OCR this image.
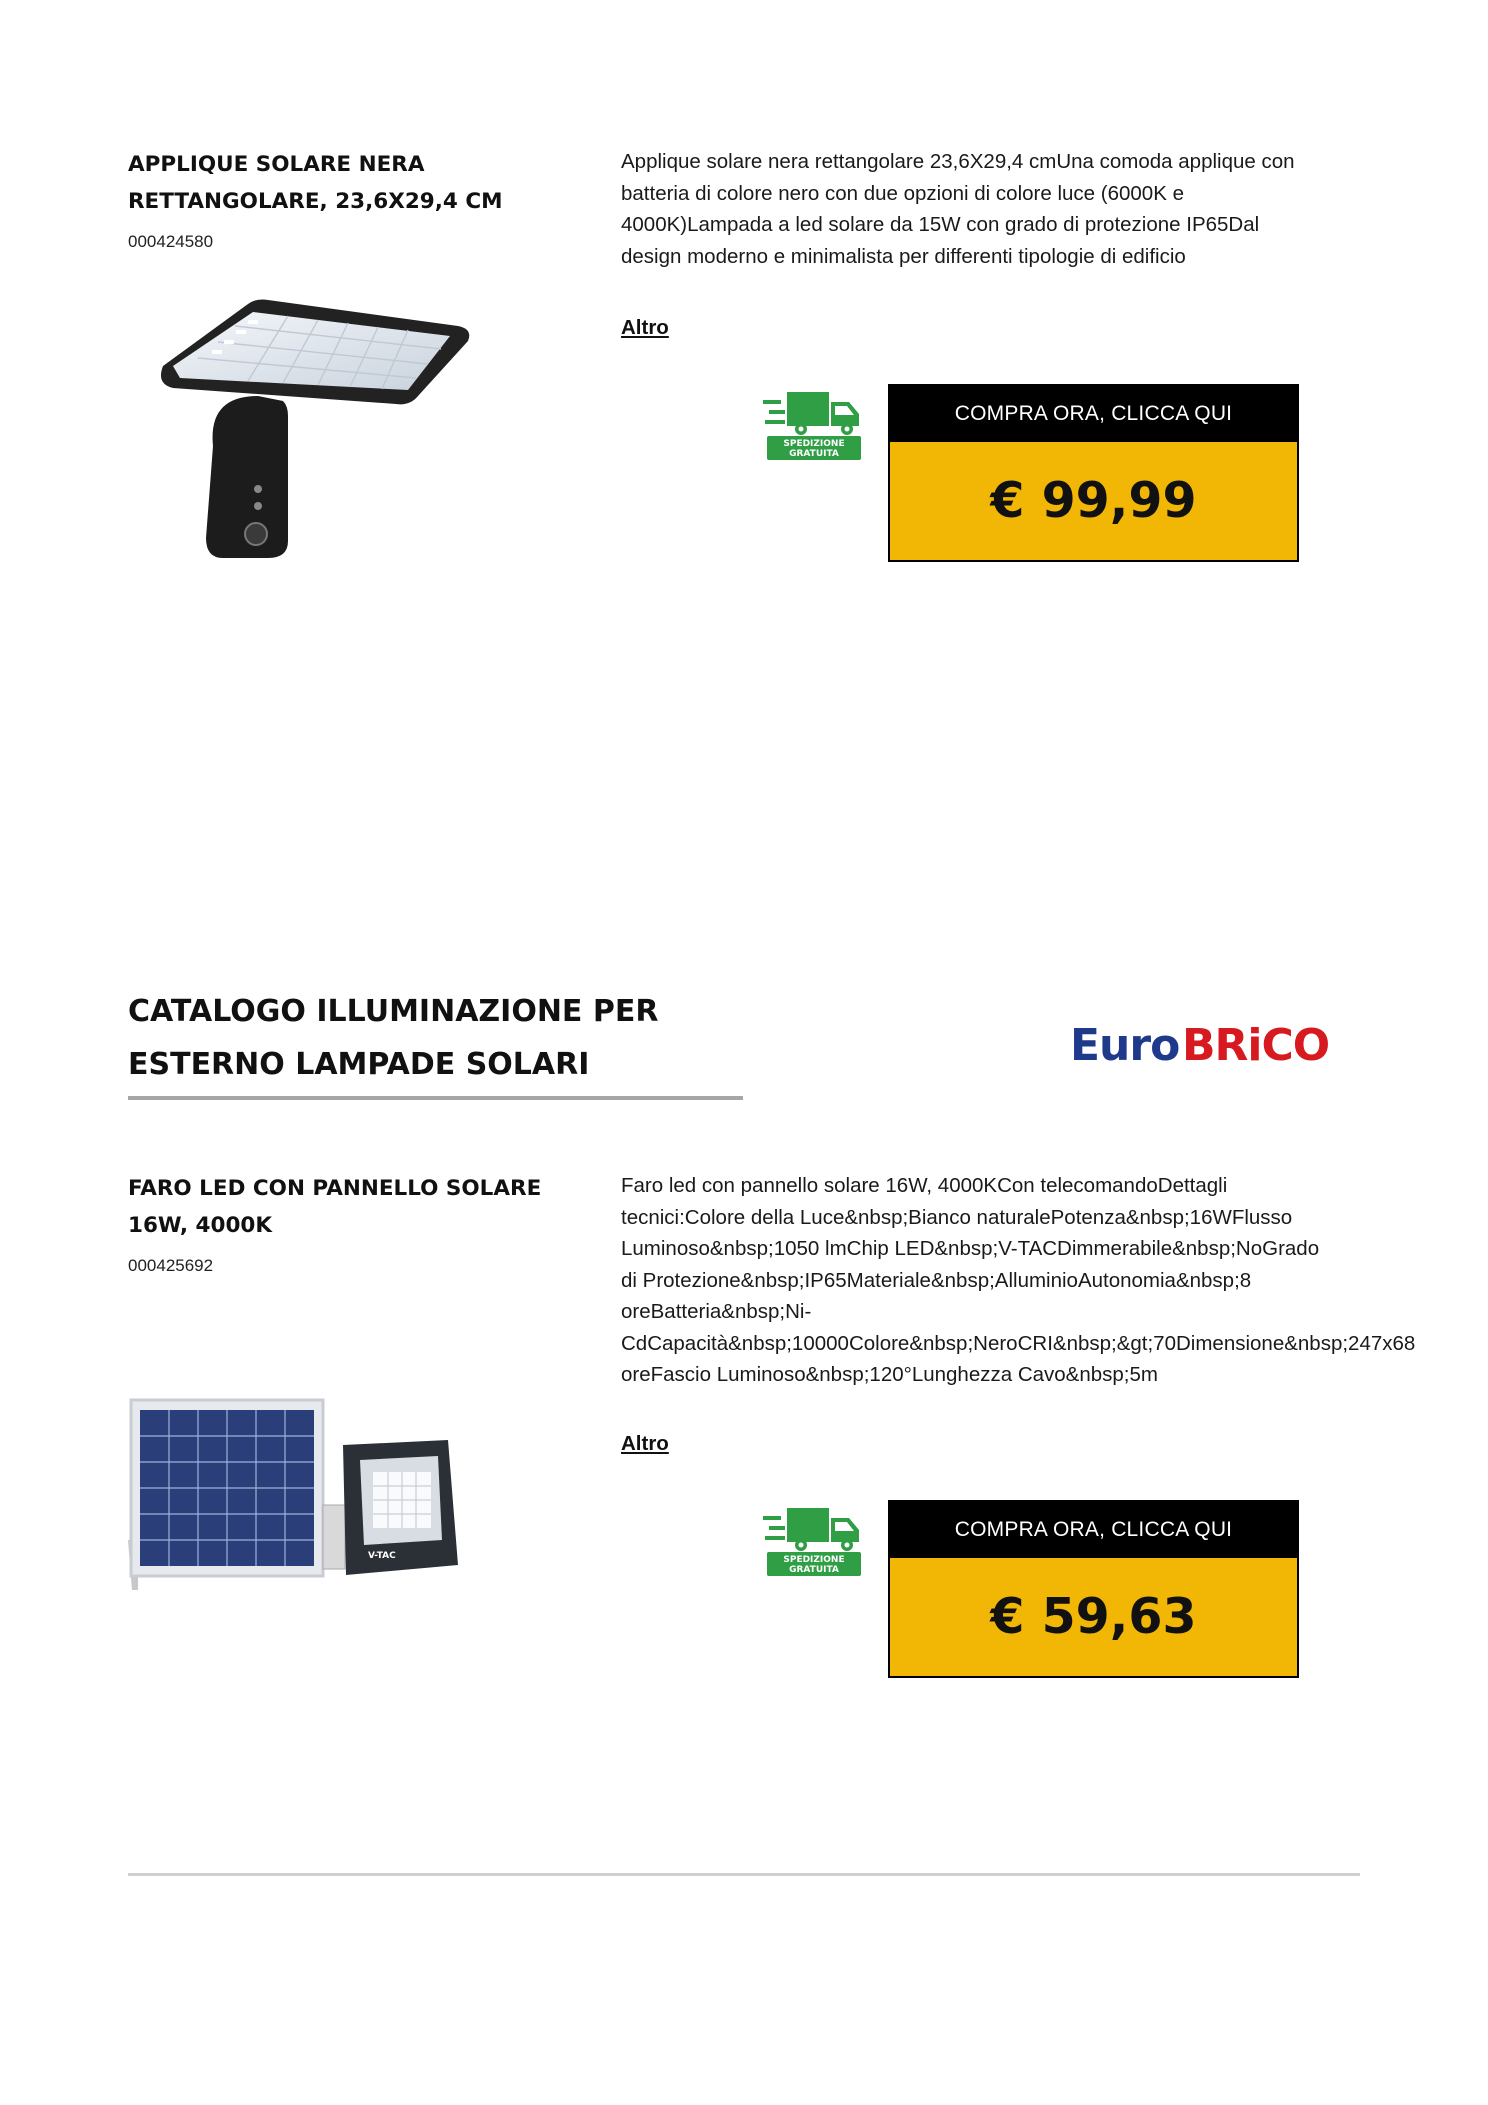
APPLIQUE SOLARE NERA RETTANGOLARE, 23,6X29,4 CM
000424580
Applique solare nera rettangolare 23,6X29,4 cmUna comoda applique con batteria di colore nero con due opzioni di colore luce (6000K e 4000K)Lampada a led solare da 15W con grado di protezione IP65Dal design moderno e minimalista per differenti tipologie di edificio
Altro
SPEDIZIONE
GRATUITA
COMPRA ORA, CLICCA QUI
€ 99,99
CATALOGO ILLUMINAZIONE PER ESTERNO LAMPADE SOLARI	Euro BRiCO
FARO LED CON PANNELLO SOLARE 16W, 4000K
000425692
V-TAC
Faro led con pannello solare 16W, 4000KCon telecomandoDettagli tecnici:Colore della Luce&nbsp;Bianco naturalePotenza&nbsp;16WFlusso Luminoso&nbsp;1050 lmChip LED&nbsp;V-TACDimmerabile&nbsp;NoGrado di Protezione&nbsp;IP65Materiale&nbsp;AlluminioAutonomia&nbsp;8 oreBatteria&nbsp;Ni-CdCapacità&nbsp;10000Colore&nbsp;NeroCRI&nbsp;&gt;70Dimensione&nbsp;247x68 oreFascio Luminoso&nbsp;120°Lunghezza Cavo&nbsp;5m
Altro
SPEDIZIONE
GRATUITA
COMPRA ORA, CLICCA QUI
€ 59,63
